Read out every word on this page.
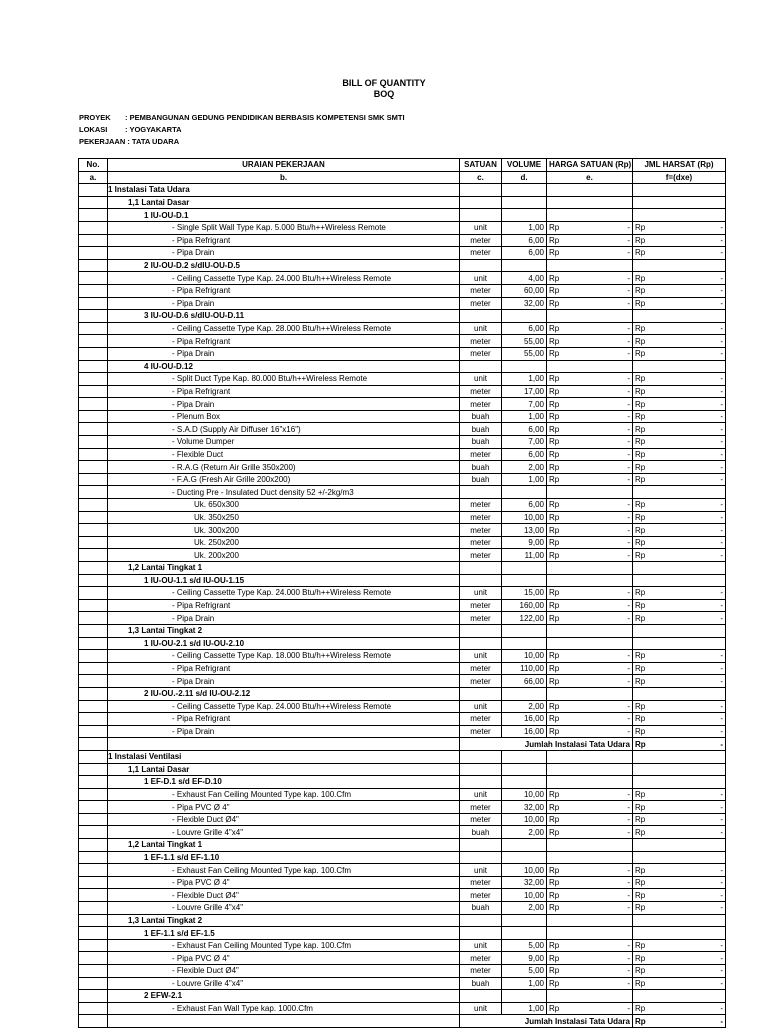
BILL OF QUANTITY
BOQ
PROYEK : PEMBANGUNAN GEDUNG PENDIDIKAN BERBASIS KOMPETENSI SMK SMTI
LOKASI : YOGYAKARTA
PEKERJAAN : TATA UDARA
No.	URAIAN PEKERJAAN	SATUAN	VOLUME	HARGA SATUAN (Rp)	JML HARSAT (Rp)
a.	b.	c.	d.	e.	f=(dxe)
	1 Instalasi Tata Udara				
	1,1 Lantai Dasar				
	1 IU-OU-D.1				
	- Single Split Wall Type Kap. 5.000 Btu/h++Wireless Remote	unit	1,00	Rp -	Rp -

	- Pipa Refrigrant	meter	6,00	Rp -	Rp -

	- Pipa Drain	meter	6,00	Rp -	Rp -

	2 IU-OU-D.2 s/dIU-OU-D.5				
	- Ceiling Cassette Type Kap. 24.000 Btu/h++Wireless Remote	unit	4,00	Rp -	Rp -

	- Pipa Refrigrant	meter	60,00	Rp -	Rp -

	- Pipa Drain	meter	32,00	Rp -	Rp -

	3 IU-OU-D.6 s/dIU-OU-D.11				
	- Ceiling Cassette Type Kap. 28.000 Btu/h++Wireless Remote	unit	6,00	Rp -	Rp -

	- Pipa Refrigrant	meter	55,00	Rp -	Rp -

	- Pipa Drain	meter	55,00	Rp -	Rp -

	4 IU-OU-D.12				
	- Split Duct Type Kap. 80.000 Btu/h++Wireless Remote	unit	1,00	Rp -	Rp -

	- Pipa Refrigrant	meter	17,00	Rp -	Rp -

	- Pipa Drain	meter	7,00	Rp -	Rp -

	- Plenum Box	buah	1,00	Rp -	Rp -

	- S.A.D (Supply Air Diffuser 16"x16")	buah	6,00	Rp -	Rp -

	- Volume Dumper	buah	7,00	Rp -	Rp -

	- Flexible Duct	meter	6,00	Rp -	Rp -

	- R.A.G (Return Air Grille 350x200)	buah	2,00	Rp -	Rp -

	- F.A.G (Fresh Air Grille 200x200)	buah	1,00	Rp -	Rp -

	- Ducting Pre - Insulated Duct density 52 +/-2kg/m3				
	Uk. 650x300	meter	6,00	Rp -	Rp -

	Uk. 350x250	meter	10,00	Rp -	Rp -

	Uk. 300x200	meter	13,00	Rp -	Rp -

	Uk. 250x200	meter	9,00	Rp -	Rp -

	Uk. 200x200	meter	11,00	Rp -	Rp -

	1,2 Lantai Tingkat 1				
	1 IU-OU-1.1 s/d IU-OU-1.15				
	- Ceiling Cassette Type Kap. 24.000 Btu/h++Wireless Remote	unit	15,00	Rp -	Rp -

	- Pipa Refrigrant	meter	160,00	Rp -	Rp -

	- Pipa Drain	meter	122,00	Rp -	Rp -

	1,3 Lantai Tingkat 2				
	1 IU-OU-2.1 s/d IU-OU-2.10				
	- Ceiling Cassette Type Kap. 18.000 Btu/h++Wireless Remote	unit	10,00	Rp -	Rp -

	- Pipa Refrigrant	meter	110,00	Rp -	Rp -

	- Pipa Drain	meter	66,00	Rp -	Rp -

	2 IU-OU.-2.11 s/d IU-OU-2.12				
	- Ceiling Cassette Type Kap. 24.000 Btu/h++Wireless Remote	unit	2,00	Rp -	Rp -

	- Pipa Refrigrant	meter	16,00	Rp -	Rp -

	- Pipa Drain	meter	16,00	Rp -	Rp -

		Jumlah Instalasi Tata Udara			Rp -

	1 Instalasi Ventilasi				
	1,1 Lantai Dasar				
	1 EF-D.1 s/d EF-D.10				
	- Exhaust Fan Ceiling Mounted Type kap. 100.Cfm	unit	10,00	Rp -	Rp -

	- Pipa PVC Ø 4"	meter	32,00	Rp -	Rp -

	- Flexible Duct Ø4"	meter	10,00	Rp -	Rp -

	- Louvre Grille 4"x4"	buah	2,00	Rp -	Rp -

	1,2 Lantai Tingkat 1				
	1 EF-1.1 s/d EF-1.10				
	- Exhaust Fan Ceiling Mounted Type kap. 100.Cfm	unit	10,00	Rp -	Rp -

	- Pipa PVC Ø 4"	meter	32,00	Rp -	Rp -

	- Flexible Duct Ø4"	meter	10,00	Rp -	Rp -

	- Louvre Grille 4"x4"	buah	2,00	Rp -	Rp -

	1,3 Lantai Tingkat 2				
	1 EF-1.1 s/d EF-1.5				
	- Exhaust Fan Ceiling Mounted Type kap. 100.Cfm	unit	5,00	Rp -	Rp -

	- Pipa PVC Ø 4"	meter	9,00	Rp -	Rp -

	- Flexible Duct Ø4"	meter	5,00	Rp -	Rp -

	- Louvre Grille 4"x4"	buah	1,00	Rp -	Rp -

	2 EFW-2.1				
	- Exhaust Fan Wall Type kap. 1000.Cfm	unit	1,00	Rp -	Rp -

		Jumlah Instalasi Tata Udara			Rp -
